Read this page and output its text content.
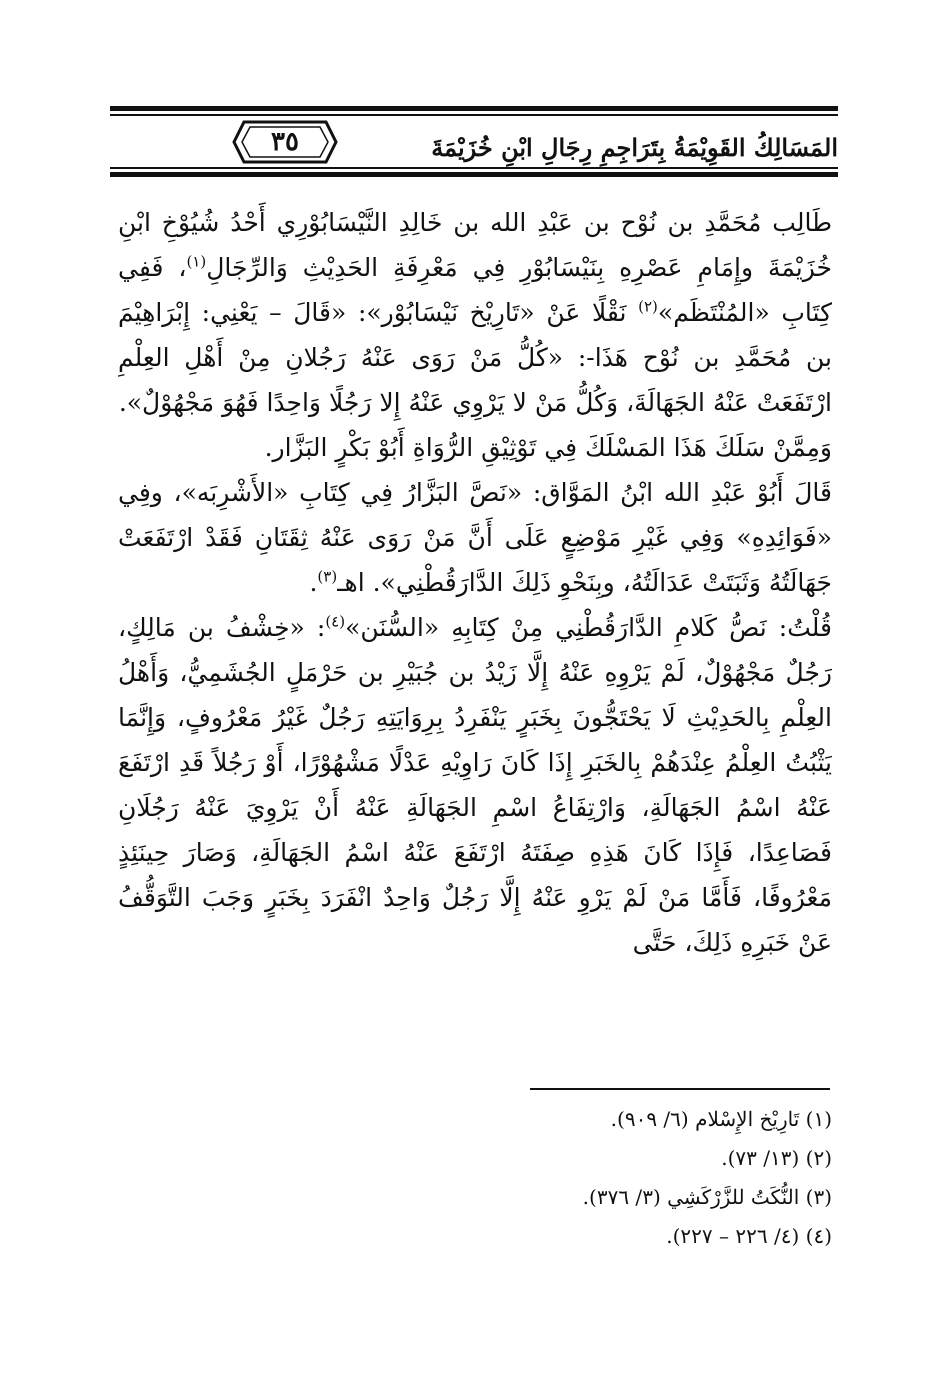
٣٥	المَسَالِكُ القَوِيْمَةُ بِتَرَاجِمِ رِجَالِ ابْنِ خُزَيْمَةَ

طَالِب مُحَمَّدِ بن نُوْح بن عَبْدِ الله بن خَالِدِ النَّيْسَابُوْرِي أَحْدُ شُيُوْخِ ابْنِ خُزَيْمَةَ وإِمَامِ عَصْرِهِ بِنَيْسَابُوْرِ فِي مَعْرِفَةِ الحَدِيْثِ وَالرِّجَالِ$^{(١)}$، فَفِي كِتَابِ «المُنْتَظَم»$^{(٢)}$ نَقْلًا عَنْ «تَارِيْخ نَيْسَابُوْر»: «قَالَ – يَعْنِي: إِبْرَاهِيْمَ بن مُحَمَّدِ بن نُوْح هَذَا-: «كُلُّ مَنْ رَوَى عَنْهُ رَجُلانِ مِنْ أَهْلِ العِلْمِ ارْتَفَعَتْ عَنْهُ الجَهَالَةَ، وَكُلُّ مَنْ لا يَرْوِي عَنْهُ إِلا رَجُلًا وَاحِدًا فَهُوَ مَجْهُوْلٌ».

وَمِمَّنْ سَلَكَ هَذَا المَسْلَكَ فِي تَوْثِيْقِ الرُّوَاةِ أَبُوْ بَكْرٍ البَزَّار.

قَالَ أَبُوْ عَبْدِ الله ابْنُ المَوَّاق: «نَصَّ البَزَّارُ فِي كِتَابِ «الأَشْرِبَه»، وفِي «فَوَائِدِهِ» وَفِي غَيْرِ مَوْضِعٍ عَلَى أَنَّ مَنْ رَوَى عَنْهُ ثِقَتَانِ فَقَدْ ارْتَفَعَتْ جَهَالَتُهُ وَثَبَتَتْ عَدَالَتُهُ، وبِنَحْوِ ذَلِكَ الدَّارَقُطْنِي». اهـ$^{(٣)}$.

قُلْتُ: نَصُّ كَلامِ الدَّارَقُطْنِي مِنْ كِتَابِهِ «السُّنَن»$^{(٤)}$: «خِشْفُ بن مَالِكٍ، رَجُلٌ مَجْهُوْلٌ، لَمْ يَرْوِهِ عَنْهُ إِلَّا زَيْدُ بن جُبَيْرِ بن حَرْمَلٍ الجُشَمِيُّ، وَأَهْلُ العِلْمِ بِالحَدِيْثِ لَا يَحْتَجُّونَ بِخَبَرٍ يَنْفَرِدُ بِرِوَايَتِهِ رَجُلٌ غَيْرُ مَعْرُوفٍ، وَإِنَّمَا يَثْبُتُ العِلْمُ عِنْدَهُمْ بِالخَبَرِ إِذَا كَانَ رَاوِيْهِ عَدْلًا مَشْهُوْرًا، أَوْ رَجُلاً قَدِ ارْتَفَعَ عَنْهُ اسْمُ الجَهَالَةِ، وَارْتِفَاعُ اسْمِ الجَهَالَةِ عَنْهُ أَنْ يَرْوِيَ عَنْهُ رَجُلَانِ فَصَاعِدًا، فَإِذَا كَانَ هَذِهِ صِفَتَهُ ارْتَفَعَ عَنْهُ اسْمُ الجَهَالَةِ، وَصَارَ حِينَئِذٍ مَعْرُوفًا، فَأَمَّا مَنْ لَمْ يَرْوِ عَنْهُ إِلَّا رَجُلٌ وَاحِدٌ انْفَرَدَ بِخَبَرٍ وَجَبَ التَّوَقُّفُ عَنْ خَبَرِهِ ذَلِكَ، حَتَّى

(١) تَارِيْخ الإِسْلام (٦/ ٩٠٩).
(٢) (١٣/ ٧٣).
(٣) النُّكَتُ للزَّرْكَشِي (٣/ ٣٧٦).
(٤) (٤/ ٢٢٦ – ٢٢٧).
